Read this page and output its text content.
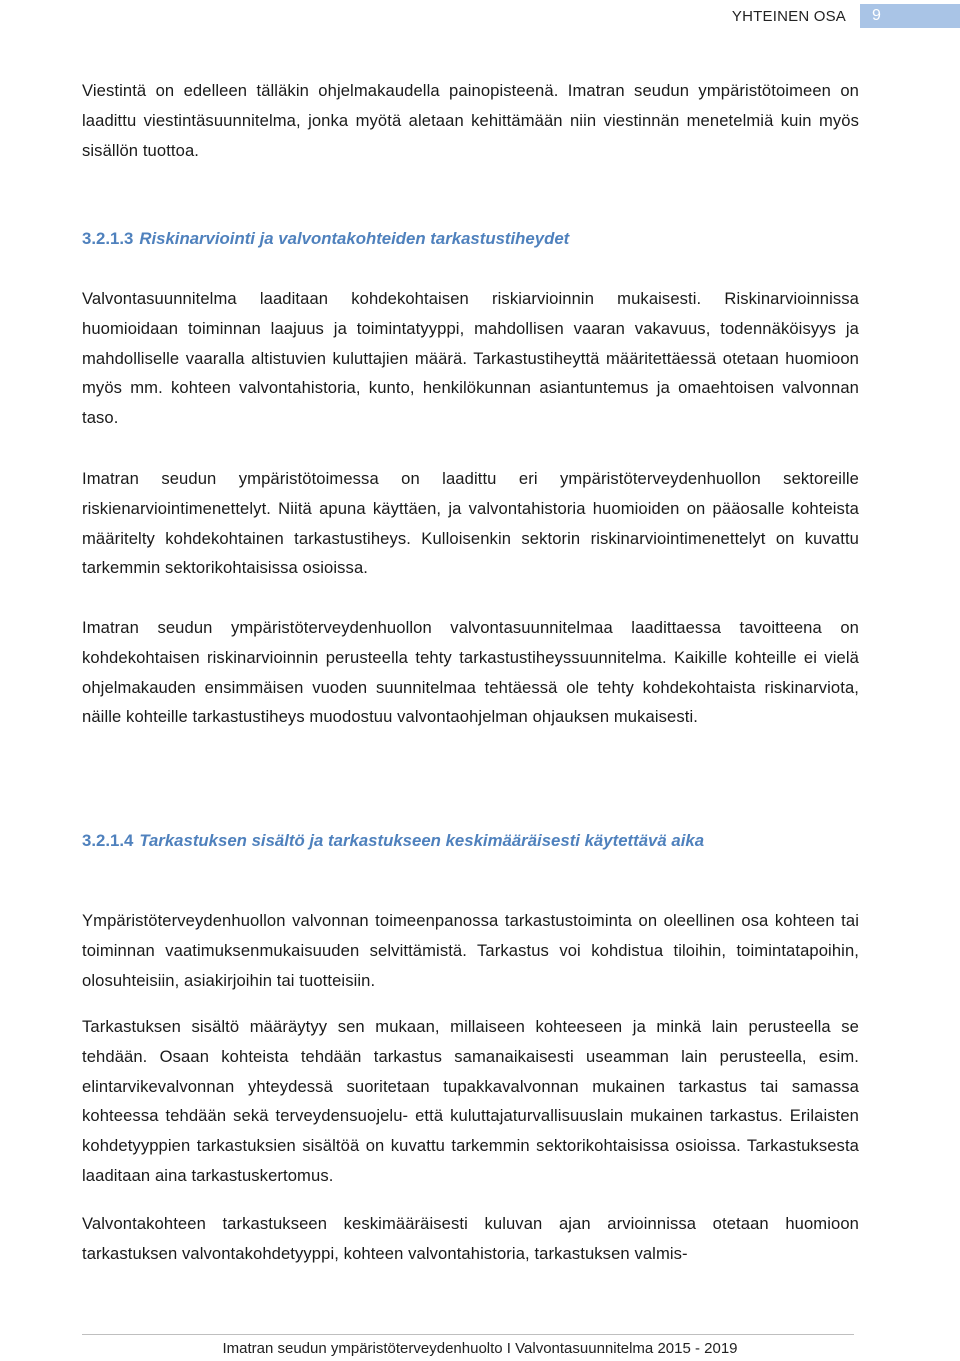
YHTEINEN OSA	9

Viestintä on edelleen tälläkin ohjelmakaudella painopisteenä. Imatran seudun ympäristötoimeen on laadittu viestintäsuunnitelma, jonka myötä aletaan kehittämään niin viestinnän menetelmiä kuin myös sisällön tuottoa.

3.2.1.3 Riskinarviointi ja valvontakohteiden tarkastustiheydet

Valvontasuunnitelma laaditaan kohdekohtaisen riskiarvioinnin mukaisesti. Riskinarvioinnissa huomioidaan toiminnan laajuus ja toimintatyyppi, mahdollisen vaaran vakavuus, todennäköisyys ja mahdolliselle vaaralla altistuvien kuluttajien määrä. Tarkastustiheyttä määritettäessä otetaan huomioon myös mm. kohteen valvontahistoria, kunto, henkilökunnan asiantuntemus ja omaehtoisen valvonnan taso.

Imatran seudun ympäristötoimessa on laadittu eri ympäristöterveydenhuollon sektoreille riskienarviointimenettelyt. Niitä apuna käyttäen, ja valvontahistoria huomioiden on pääosalle kohteista määritelty kohdekohtainen tarkastustiheys. Kulloisenkin sektorin riskinarviointimenettelyt on kuvattu tarkemmin sektorikohtaisissa osioissa.

Imatran seudun ympäristöterveydenhuollon valvontasuunnitelmaa laadittaessa tavoitteena on kohdekohtaisen riskinarvioinnin perusteella tehty tarkastustiheyssuunnitelma. Kaikille kohteille ei vielä ohjelmakauden ensimmäisen vuoden suunnitelmaa tehtäessä ole tehty kohdekohtaista riskinarviota, näille kohteille tarkastustiheys muodostuu valvontaohjelman ohjauksen mukaisesti.

3.2.1.4 Tarkastuksen sisältö ja tarkastukseen keskimääräisesti käytettävä aika

Ympäristöterveydenhuollon valvonnan toimeenpanossa tarkastustoiminta on oleellinen osa kohteen tai toiminnan vaatimuksenmukaisuuden selvittämistä. Tarkastus voi kohdistua tiloihin, toimintatapoihin, olosuhteisiin, asiakirjoihin tai tuotteisiin.

Tarkastuksen sisältö määräytyy sen mukaan, millaiseen kohteeseen ja minkä lain perusteella se tehdään. Osaan kohteista tehdään tarkastus samanaikaisesti useamman lain perusteella, esim. elintarvikevalvonnan yhteydessä suoritetaan tupakkavalvonnan mukainen tarkastus tai samassa kohteessa tehdään sekä terveydensuojelu- että kuluttajaturvallisuuslain mukainen tarkastus. Erilaisten kohdetyyppien tarkastuksien sisältöä on kuvattu tarkemmin sektorikohtaisissa osioissa. Tarkastuksesta laaditaan aina tarkastuskertomus.

Valvontakohteen tarkastukseen keskimääräisesti kuluvan ajan arvioinnissa otetaan huomioon tarkastuksen valvontakohdetyyppi, kohteen valvontahistoria, tarkastuksen valmis-

Imatran seudun ympäristöterveydenhuolto I Valvontasuunnitelma 2015 - 2019
